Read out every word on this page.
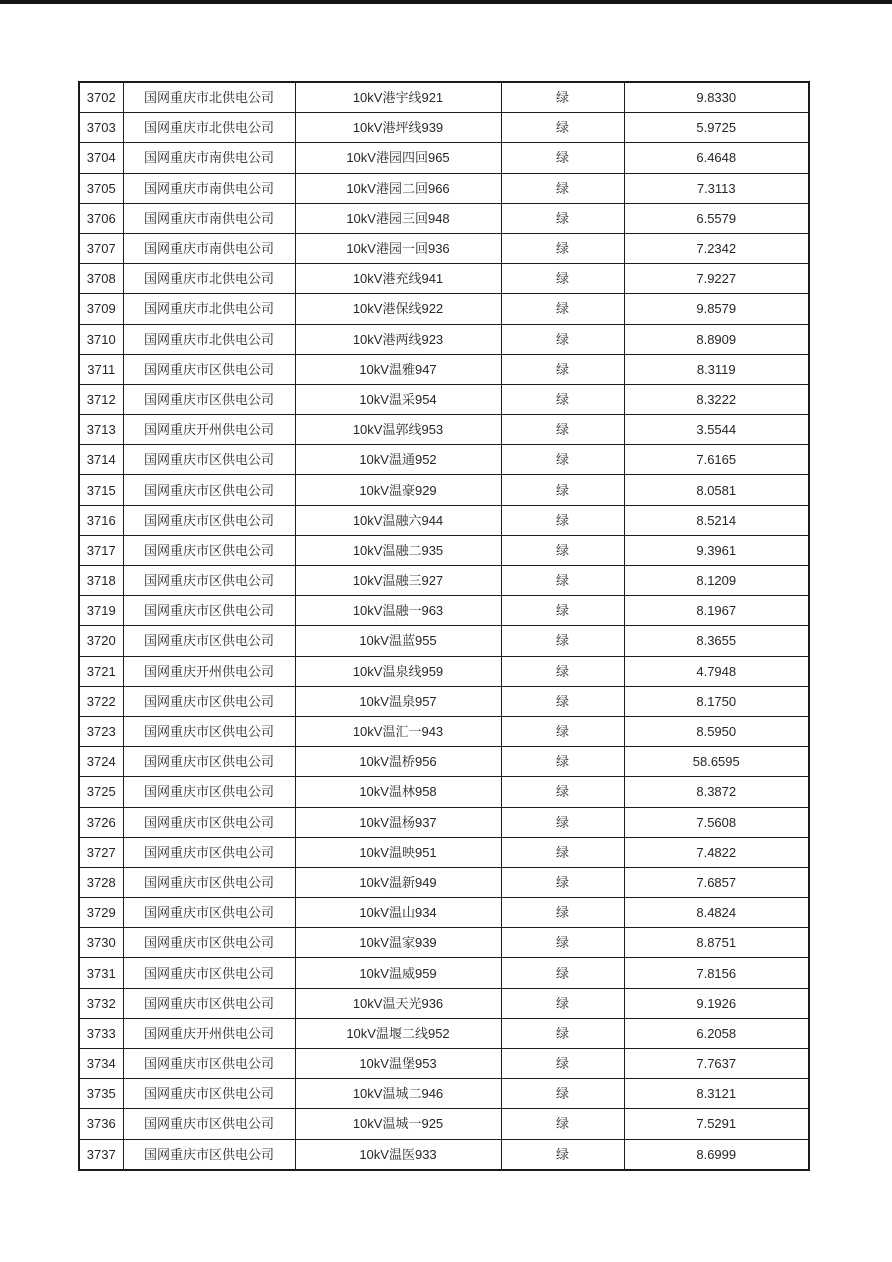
3702	国网重庆市北供电公司	10kV港宇线921	绿	9.8330
3703	国网重庆市北供电公司	10kV港坪线939	绿	5.9725
3704	国网重庆市南供电公司	10kV港园四回965	绿	6.4648
3705	国网重庆市南供电公司	10kV港园二回966	绿	7.3113
3706	国网重庆市南供电公司	10kV港园三回948	绿	6.5579
3707	国网重庆市南供电公司	10kV港园一回936	绿	7.2342
3708	国网重庆市北供电公司	10kV港充线941	绿	7.9227
3709	国网重庆市北供电公司	10kV港保线922	绿	9.8579
3710	国网重庆市北供电公司	10kV港两线923	绿	8.8909
3711	国网重庆市区供电公司	10kV温雅947	绿	8.3119
3712	国网重庆市区供电公司	10kV温采954	绿	8.3222
3713	国网重庆开州供电公司	10kV温郭线953	绿	3.5544
3714	国网重庆市区供电公司	10kV温通952	绿	7.6165
3715	国网重庆市区供电公司	10kV温豪929	绿	8.0581
3716	国网重庆市区供电公司	10kV温融六944	绿	8.5214
3717	国网重庆市区供电公司	10kV温融二935	绿	9.3961
3718	国网重庆市区供电公司	10kV温融三927	绿	8.1209
3719	国网重庆市区供电公司	10kV温融一963	绿	8.1967
3720	国网重庆市区供电公司	10kV温蓝955	绿	8.3655
3721	国网重庆开州供电公司	10kV温泉线959	绿	4.7948
3722	国网重庆市区供电公司	10kV温泉957	绿	8.1750
3723	国网重庆市区供电公司	10kV温汇一943	绿	8.5950
3724	国网重庆市区供电公司	10kV温桥956	绿	58.6595
3725	国网重庆市区供电公司	10kV温林958	绿	8.3872
3726	国网重庆市区供电公司	10kV温杨937	绿	7.5608
3727	国网重庆市区供电公司	10kV温映951	绿	7.4822
3728	国网重庆市区供电公司	10kV温新949	绿	7.6857
3729	国网重庆市区供电公司	10kV温山934	绿	8.4824
3730	国网重庆市区供电公司	10kV温家939	绿	8.8751
3731	国网重庆市区供电公司	10kV温威959	绿	7.8156
3732	国网重庆市区供电公司	10kV温天光936	绿	9.1926
3733	国网重庆开州供电公司	10kV温堰二线952	绿	6.2058
3734	国网重庆市区供电公司	10kV温堡953	绿	7.7637
3735	国网重庆市区供电公司	10kV温城二946	绿	8.3121
3736	国网重庆市区供电公司	10kV温城一925	绿	7.5291
3737	国网重庆市区供电公司	10kV温医933	绿	8.6999
